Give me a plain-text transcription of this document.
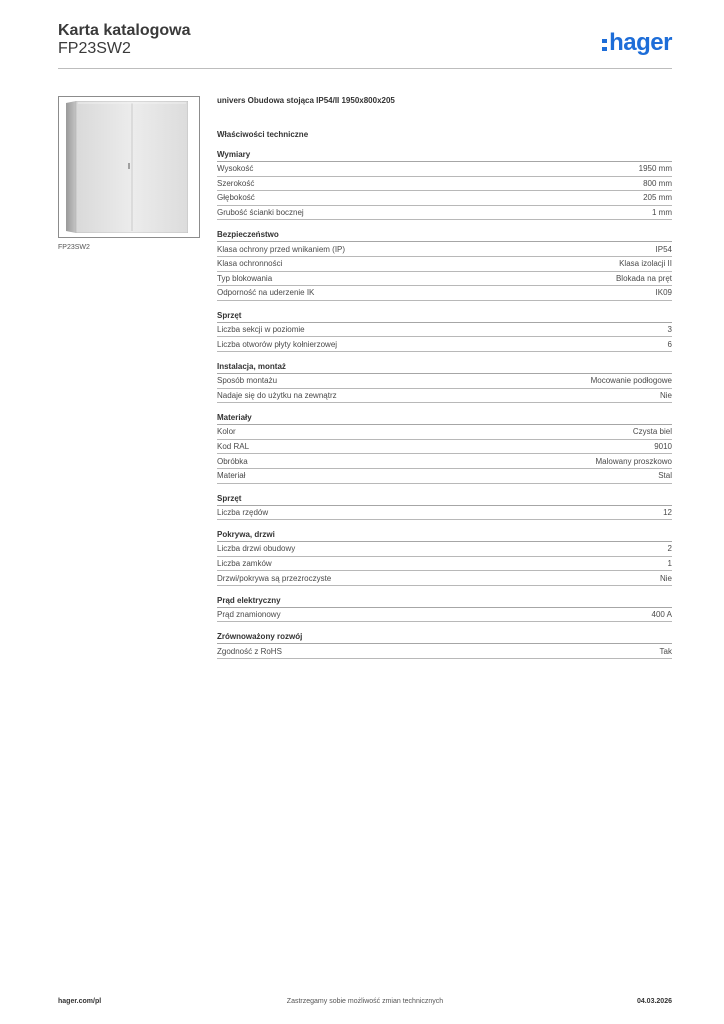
Karta katalogowa
FP23SW2	hager
FP23SW2
univers Obudowa stojąca IP54/II 1950x800x205
Właściwości techniczne
Wymiary
Wysokość	1950 mm
Szerokość	800 mm
Głębokość	205 mm
Grubość ścianki bocznej	1 mm
Bezpieczeństwo
Klasa ochrony przed wnikaniem (IP)	IP54
Klasa ochronności	Klasa izolacji II
Typ blokowania	Blokada na pręt
Odporność na uderzenie IK	IK09
Sprzęt
Liczba sekcji w poziomie	3
Liczba otworów płyty kołnierzowej	6
Instalacja, montaż
Sposób montażu	Mocowanie podłogowe
Nadaje się do użytku na zewnątrz	Nie
Materiały
Kolor	Czysta biel
Kod RAL	9010
Obróbka	Malowany proszkowo
Materiał	Stal
Sprzęt
Liczba rzędów	12
Pokrywa, drzwi
Liczba drzwi obudowy	2
Liczba zamków	1
Drzwi/pokrywa są przezroczyste	Nie
Prąd elektryczny
Prąd znamionowy	400 A
Zrównoważony rozwój
Zgodność z RoHS	Tak
hager.com/pl	Zastrzegamy sobie możliwość zmian technicznych	04.03.2026
